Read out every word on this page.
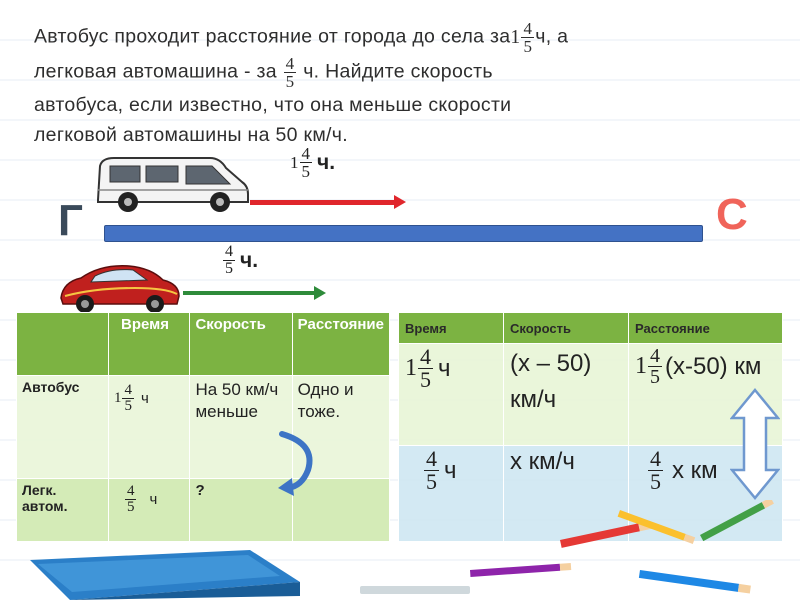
Автобус проходит расстояние от города до села за $1 \frac{4}{5} ч$, а
легковая автомашина - за $\frac{4}{5} ч$. Найдите скорость
автобуса, если известно, что она меньше скорости
легковой автомашины на 50 км/ч.
$1 \frac{4}{5} ч$.
Г	С
$\frac{4}{5} ч$.
	Время	Скорость	Расстояние
Автобус	$1 \frac{4}{5}$ ч	На 50 км/ч меньше	Одно и тоже.
Легк. автом.	$\frac{4}{5}$ ч	?	
Время	Скорость	Расстояние

$1 \frac{4}{5}$ ч	(x – 50) км/ч	$1 \frac{4}{5} (x-50)$ км

$\frac{4}{5}$ ч	x км/ч	$\frac{4}{5}$ x км
